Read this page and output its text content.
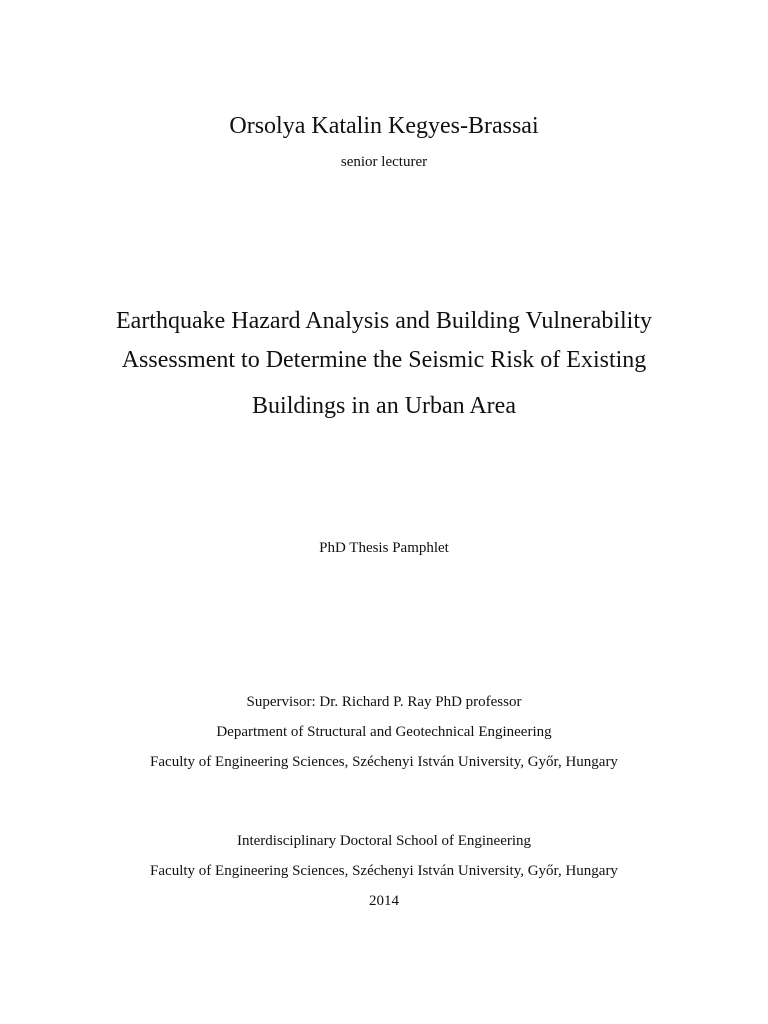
Orsolya Katalin Kegyes-Brassai
senior lecturer
Earthquake Hazard Analysis and Building Vulnerability
Assessment to Determine the Seismic Risk of Existing
Buildings in an Urban Area
PhD Thesis Pamphlet
Supervisor: Dr. Richard P. Ray PhD professor
Department of Structural and Geotechnical Engineering
Faculty of Engineering Sciences, Széchenyi István University, Győr, Hungary
Interdisciplinary Doctoral School of Engineering
Faculty of Engineering Sciences, Széchenyi István University, Győr, Hungary
2014
